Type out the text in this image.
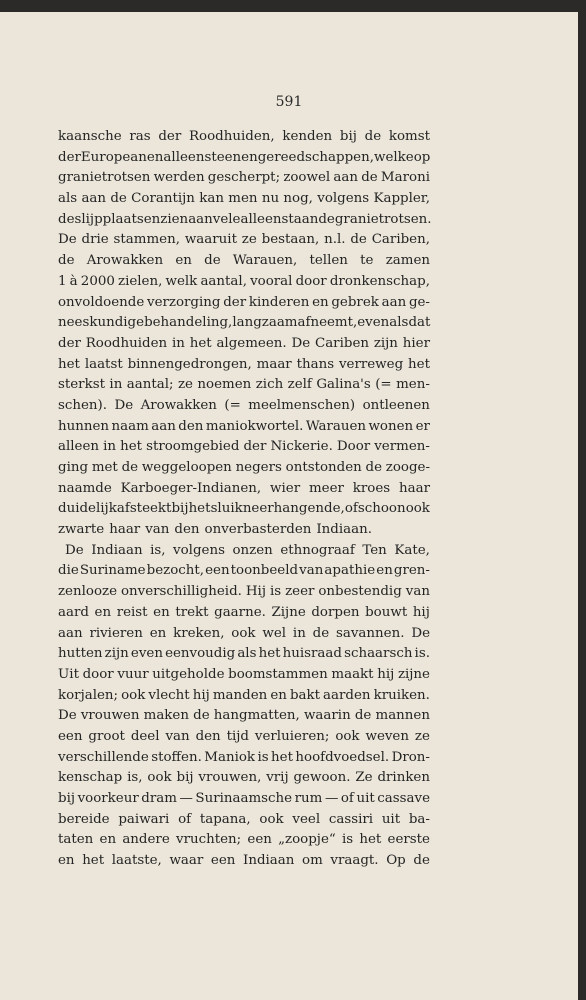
591
kaansche ras der Roodhuiden, kenden bij de komst
der Europeanen alleen steenen gereedschappen, welke op
granietrotsen werden gescherpt; zoowel aan de Maroni
als aan de Corantijn kan men nu nog, volgens Kappler,
de slijpplaatsen zien aan vele alleenstaande granietrotsen.
De drie stammen, waaruit ze bestaan, n.l. de Cariben,
de Arowakken en de Warauen, tellen te zamen
1 à 2000 zielen, welk aantal, vooral door dronkenschap,
onvoldoende verzorging der kinderen en gebrek aan ge-
neeskundige behandeling, langzaam afneemt, evenals dat
der Roodhuiden in het algemeen. De Cariben zijn hier
het laatst binnengedrongen, maar thans verreweg het
sterkst in aantal; ze noemen zich zelf Galina's (= men-
schen). De Arowakken (= meelmenschen) ontleenen
hunnen naam aan den maniokwortel. Warauen wonen er
alleen in het stroomgebied der Nickerie. Door vermen-
ging met de weggeloopen negers ontstonden de zooge-
naamde Karboeger-Indianen, wier meer kroes haar
duidelijk afsteekt bij het sluik neerhangende, ofschoon ook
zwarte haar van den onverbasterden Indiaan.
De Indiaan is, volgens onzen ethnograaf Ten Kate,
die Suriname bezocht, een toonbeeld van apathie en gren-
zenlooze onverschilligheid. Hij is zeer onbestendig van
aard en reist en trekt gaarne. Zijne dorpen bouwt hij
aan rivieren en kreken, ook wel in de savannen. De
hutten zijn even eenvoudig als het huisraad schaarsch is.
Uit door vuur uitgeholde boomstammen maakt hij zijne
korjalen; ook vlecht hij manden en bakt aarden kruiken.
De vrouwen maken de hangmatten, waarin de mannen
een groot deel van den tijd verluieren; ook weven ze
verschillende stoffen. Maniok is het hoofdvoedsel. Dron-
kenschap is, ook bij vrouwen, vrij gewoon. Ze drinken
bij voorkeur dram — Surinaamsche rum — of uit cassave
bereide paiwari of tapana, ook veel cassiri uit ba-
taten en andere vruchten; een „zoopje“ is het eerste
en het laatste, waar een Indiaan om vraagt. Op de
